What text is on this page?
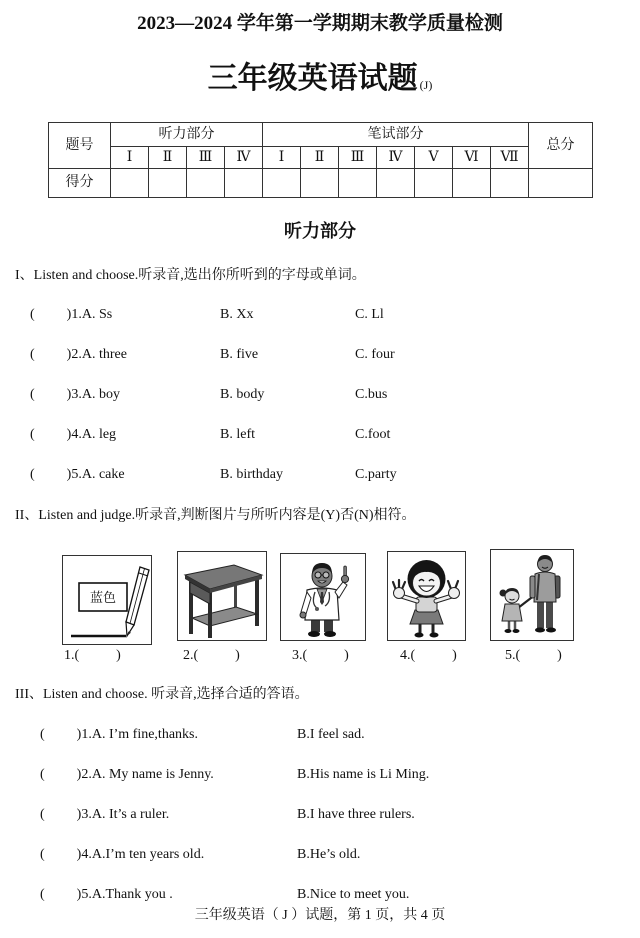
2023—2024 学年第一学期期末教学质量检测
三年级英语试题 (J)
题号	听力部分				笔试部分							总分
	Ⅰ	Ⅱ	Ⅲ	Ⅳ	Ⅰ	Ⅱ	Ⅲ	Ⅳ	Ⅴ	Ⅵ	Ⅶ	
得分												
听力部分
I、Listen and choose.听录音,选出你所听到的字母或单词。
( )1.A. Ss	B. Xx	C. Ll
( )2.A. three	B. five	C. four
( )3.A. boy	B. body	C.bus
( )4.A. leg	B. left	C.foot
( )5.A. cake	B. birthday	C.party
II、Listen and judge.听录音,判断图片与所听内容是(Y)否(N)相符。
蓝色
1.(	)	2.(	)	3.(	)	4.(	)	5.(	)
III、Listen and choose. 听录音,选择合适的答语。
( )1.A. I’m fine,thanks.	B.I feel sad.
( )2.A. My name is Jenny.	B.His name is Li Ming.
( )3.A. It’s a ruler.	B.I have three rulers.
( )4.A.I’m ten years old.	B.He’s old.
( )5.A.Thank you .	B.Nice to meet you.
三年级英语（ J ）试题，第 1 页，共 4 页
